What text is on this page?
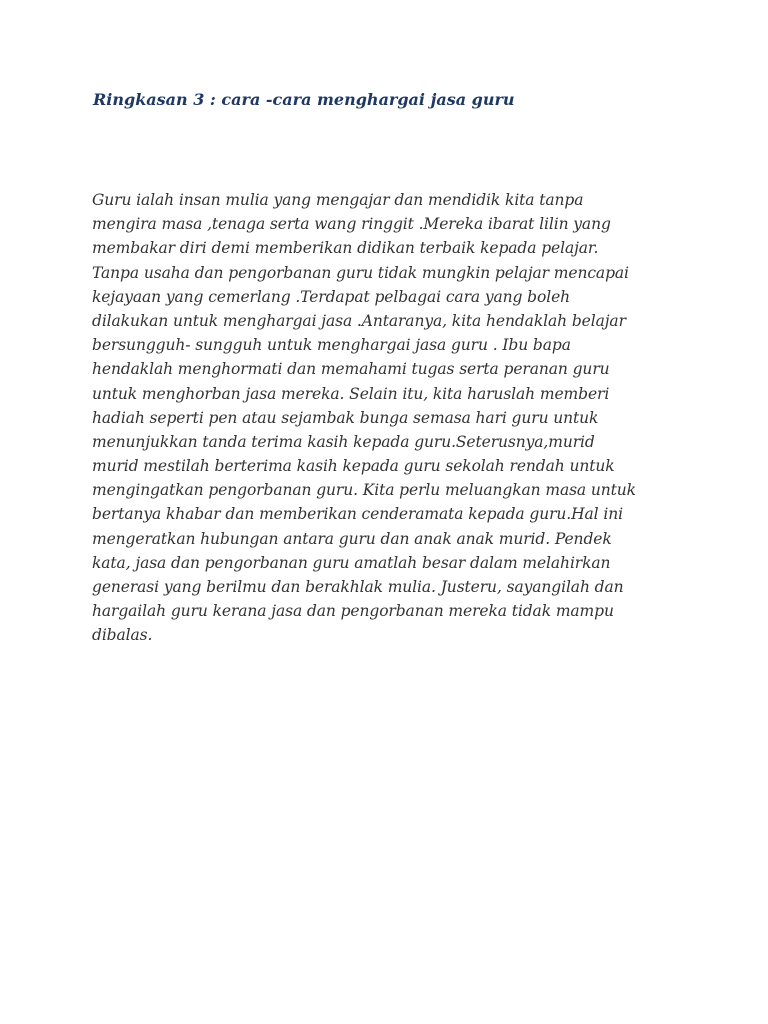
Ringkasan 3 : cara -cara menghargai jasa guru
Guru ialah insan mulia yang mengajar dan mendidik kita tanpa
mengira masa ,tenaga serta wang ringgit .Mereka ibarat lilin yang
membakar diri demi memberikan didikan terbaik kepada pelajar.
Tanpa usaha dan pengorbanan guru tidak mungkin pelajar mencapai
kejayaan yang cemerlang .Terdapat pelbagai cara yang boleh
dilakukan untuk menghargai jasa .Antaranya, kita hendaklah belajar
bersungguh- sungguh untuk menghargai jasa guru . Ibu bapa
hendaklah menghormati dan memahami tugas serta peranan guru
untuk menghorban jasa mereka. Selain itu, kita haruslah memberi
hadiah seperti pen atau sejambak bunga semasa hari guru untuk
menunjukkan tanda terima kasih kepada guru.Seterusnya,murid
murid mestilah berterima kasih kepada guru sekolah rendah untuk
mengingatkan pengorbanan guru. Kita perlu meluangkan masa untuk
bertanya khabar dan memberikan cenderamata kepada guru.Hal ini
mengeratkan hubungan antara guru dan anak anak murid. Pendek
kata, jasa dan pengorbanan guru amatlah besar dalam melahirkan
generasi yang berilmu dan berakhlak mulia. Justeru, sayangilah dan
hargailah guru kerana jasa dan pengorbanan mereka tidak mampu
dibalas.
